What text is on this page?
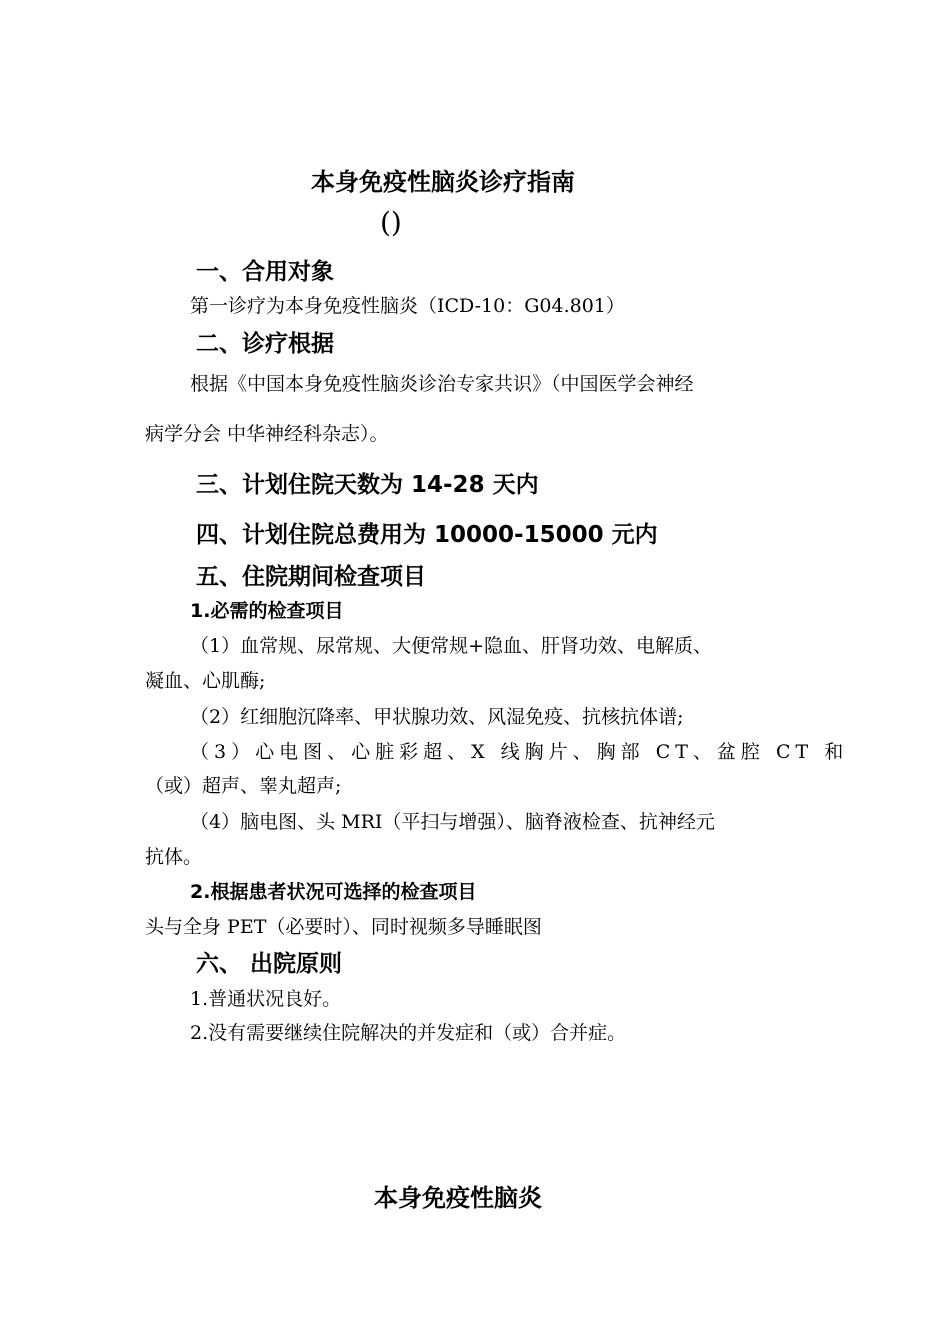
本身免疫性脑炎诊疗指南
()
一、合用对象
第一诊疗为本身免疫性脑炎（ICD-10：G04.801）
二、诊疗根据
根据《中国本身免疫性脑炎诊治专家共识》（中国医学会神经
病学分会 中华神经科杂志）。
三、计划住院天数为 14-28 天内
四、计划住院总费用为 10000-15000 元内
五、住院期间检查项目
1.必需的检查项目
（1）血常规、尿常规、大便常规+隐血、肝肾功效、电解质、
凝血、心肌酶;
（2）红细胞沉降率、甲状腺功效、风湿免疫、抗核抗体谱;
（3）心电图、心脏彩超、X 线胸片、胸部 CT、盆腔 CT 和
（或）超声、睾丸超声;
（4）脑电图、头 MRI（平扫与增强）、脑脊液检查、抗神经元
抗体。
2.根据患者状况可选择的检查项目
头与全身 PET（必要时）、同时视频多导睡眠图
六、 出院原则
1.普通状况良好。
2.没有需要继续住院解决的并发症和（或）合并症。
本身免疫性脑炎
